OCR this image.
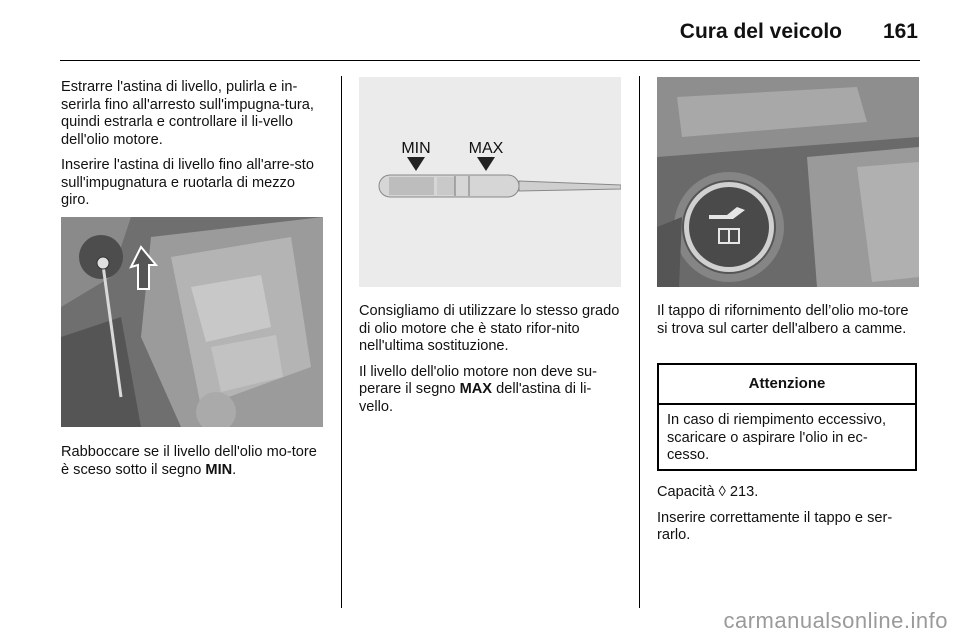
Cura del veicolo 161

Estrarre l'astina di livello, pulirla e in-serirla fino all'arresto sull'impugna-tura, quindi estrarla e controllare il li-vello dell'olio motore.

Inserire l'astina di livello fino all'arre-sto sull'impugnatura e ruotarla di mezzo giro.

Rabboccare se il livello dell'olio mo-tore è sceso sotto il segno MIN.

MIN MAX

Consigliamo di utilizzare lo stesso grado di olio motore che è stato rifor-nito nell'ultima sostituzione.

Il livello dell'olio motore non deve su-perare il segno MAX dell'astina di li-vello.

Il tappo di rifornimento dell’olio mo-tore si trova sul carter dell'albero a camme.

Attenzione
In caso di riempimento eccessivo, scaricare o aspirare l'olio in ec-cesso.

Capacità ◊ 213.

Inserire correttamente il tappo e ser-rarlo.

carmanualsonline.info
